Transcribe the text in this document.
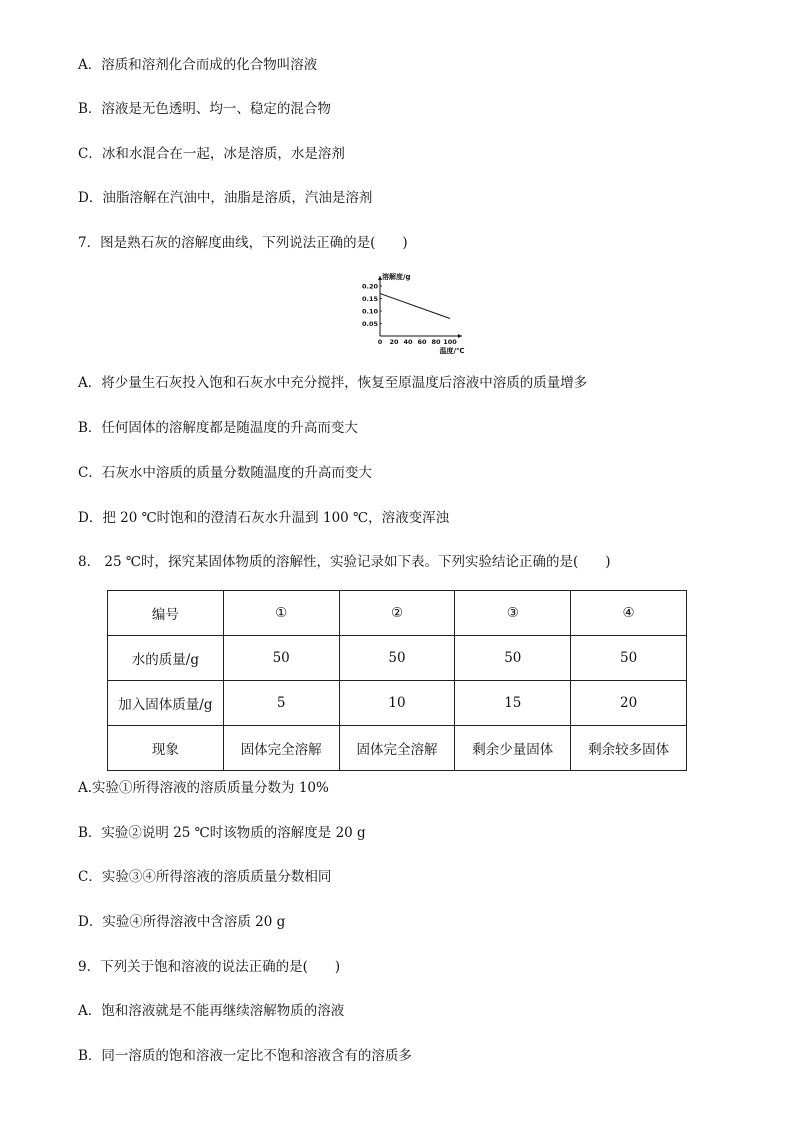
A．溶质和溶剂化合而成的化合物叫溶液
B．溶液是无色透明、均一、稳定的混合物
C．冰和水混合在一起，冰是溶质，水是溶剂
D．油脂溶解在汽油中，油脂是溶质，汽油是溶剂
7．图是熟石灰的溶解度曲线，下列说法正确的是(　　)
0.20
0.15
0.10
0.05
0 20 40 60 80 100
溶解度/g
温度/℃
A．将少量生石灰投入饱和石灰水中充分搅拌，恢复至原温度后溶液中溶质的质量增多
B．任何固体的溶解度都是随温度的升高而变大
C．石灰水中溶质的质量分数随温度的升高而变大
D．把 20 ℃时饱和的澄清石灰水升温到 100 ℃，溶液变浑浊
8． 25 ℃时，探究某固体物质的溶解性，实验记录如下表。下列实验结论正确的是(　　)
编号	①	②	③	④
水的质量/g	50	50	50	50
加入固体质量/g	5	10	15	20
现象	固体完全溶解	固体完全溶解	剩余少量固体	剩余较多固体
A.实验①所得溶液的溶质质量分数为 10%
B．实验②说明 25 ℃时该物质的溶解度是 20 g
C．实验③④所得溶液的溶质质量分数相同
D．实验④所得溶液中含溶质 20 g
9．下列关于饱和溶液的说法正确的是(　　)
A．饱和溶液就是不能再继续溶解物质的溶液
B．同一溶质的饱和溶液一定比不饱和溶液含有的溶质多
